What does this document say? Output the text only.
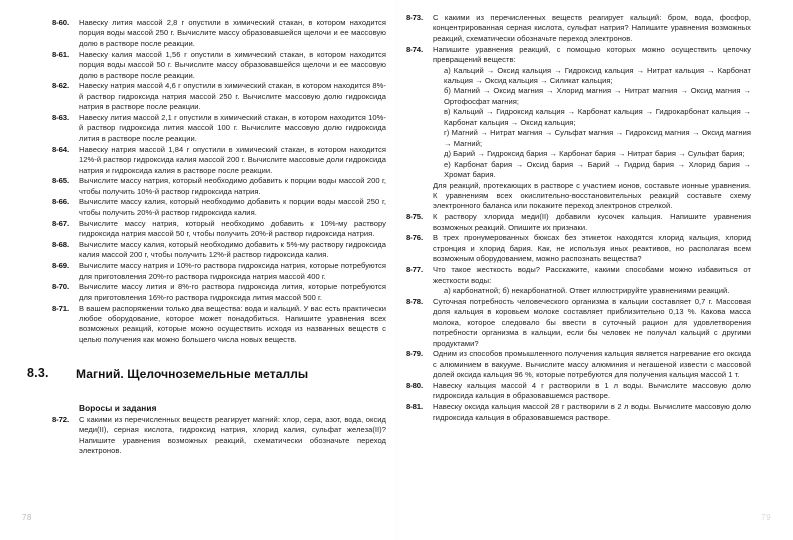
8-60. Навеску лития массой 2,8 г опустили в химический стакан, в котором находится порция воды массой 250 г. Вычислите массу образовавшейся щелочи и ее массовую долю в растворе после реакции.
8-61. Навеску калия массой 1,56 г опустили в химический стакан, в котором находится порция воды массой 50 г. Вычислите массу образовавшейся щелочи и ее массовую долю в растворе после реакции.
8-62. Навеску натрия массой 4,6 г опустили в химический стакан, в котором находится 8%-й раствор гидроксида натрия массой 250 г. Вычислите массовую долю гидроксида натрия в растворе после реакции.
8-63. Навеску лития массой 2,1 г опустили в химический стакан, в котором находится 10%-й раствор гидроксида лития массой 100 г. Вычислите массовую долю гидроксида лития в растворе после реакции.
8-64. Навеску натрия массой 1,84 г опустили в химический стакан, в котором находится 12%-й раствор гидроксида калия массой 200 г. Вычислите массовые доли гидроксида натрия и гидроксида калия в растворе после реакции.
8-65. Вычислите массу натрия, который необходимо добавить к порции воды массой 200 г, чтобы получить 10%-й раствор гидроксида натрия.
8-66. Вычислите массу калия, который необходимо добавить к порции воды массой 250 г, чтобы получить 20%-й раствор гидроксида калия.
8-67. Вычислите массу натрия, который необходимо добавить к 10%-му раствору гидроксида натрия массой 50 г, чтобы получить 20%-й раствор гидроксида натрия.
8-68. Вычислите массу калия, который необходимо добавить к 5%-му раствору гидроксида калия массой 200 г, чтобы получить 12%-й раствор гидроксида калия.
8-69. Вычислите массу натрия и 10%-го раствора гидроксида натрия, которые потребуются для приготовления 20%-го раствора гидроксида натрия массой 400 г.
8-70. Вычислите массу лития и 8%-го раствора гидроксида лития, которые потребуются для приготовления 16%-го раствора гидроксида лития массой 500 г.
8-71. В вашем распоряжении только два вещества: вода и кальций. У вас есть практически любое оборудование, которое может понадобиться. Напишите уравнения всех возможных реакций, которые можно осуществить исходя из названных веществ с целью получения как можно большего числа новых веществ.
8.3. Магний. Щелочноземельные металлы
Воросы и задания
8-72. С какими из перечисленных веществ реагирует магний: хлор, сера, азот, вода, оксид меди(II), серная кислота, гидроксид натрия, хлорид калия, сульфат железа(II)? Напишите уравнения возможных реакций, схематически обозначьте переход электронов.
78
8-73. С какими из перечисленных веществ реагирует кальций: бром, вода, фосфор, концентрированная серная кислота, сульфат натрия? Напишите уравнения возможных реакций, схематически обозначьте переход электронов.
8-74. Напишите уравнения реакций, с помощью которых можно осуществить цепочку превращений веществ:
а) Кальций → Оксид кальция → Гидроксид кальция → Нитрат кальция → Карбонат кальция → Оксид кальция → Силикат кальция;
б) Магний → Оксид магния → Хлорид магния → Нитрат магния → Оксид магния → Ортофосфат магния;
в) Кальций → Гидроксид кальция → Карбонат кальция → Гидрокарбонат кальция → Карбонат кальция → Оксид кальция;
г) Магний → Нитрат магния → Сульфат магния → Гидроксид магния → Оксид магния → Магний;
д) Барий → Гидроксид бария → Карбонат бария → Нитрат бария → Сульфат бария;
е) Карбонат бария → Оксид бария → Барий → Гидрид бария → Хлорид бария → Хромат бария.
Для реакций, протекающих в растворе с участием ионов, составьте ионные уравнения. К уравнениям всех окислительно-восстановительных реакций составьте схему электронного баланса или покажите переход электронов стрелкой.
8-75. К раствору хлорида меди(II) добавили кусочек кальция. Напишите уравнения возможных реакций. Опишите их признаки.
8-76. В трех пронумерованных бюксах без этикеток находятся хлорид кальция, хлорид стронция и хлорид бария. Как, не используя иных реактивов, но располагая всем возможным оборудованием, можно распознать вещества?
8-77. Что такое жесткость воды? Расскажите, какими способами можно избавиться от жесткости воды:
а) карбонатной; б) некарбонатной. Ответ иллюстрируйте уравнениями реакций.
8-78. Суточная потребность человеческого организма в кальции составляет 0,7 г. Массовая доля кальция в коровьем молоке составляет приблизительно 0,13 %. Какова масса молока, которое следовало бы ввести в суточный рацион для удовлетворения потребности организма в кальции, если бы человек не получал кальций с другими продуктами?
8-79. Одним из способов промышленного получения кальция является нагревание его оксида с алюминием в вакууме. Вычислите массу алюминия и негашеной извести с массовой долей оксида кальция 96 %, которые потребуются для получения кальция массой 1 т.
8-80. Навеску кальция массой 4 г растворили в 1 л воды. Вычислите массовую долю гидроксида кальция в образовавшемся растворе.
8-81. Навеску оксида кальция массой 28 г растворили в 2 л воды. Вычислите массовую долю гидроксида кальция в образовавшемся растворе.
79
